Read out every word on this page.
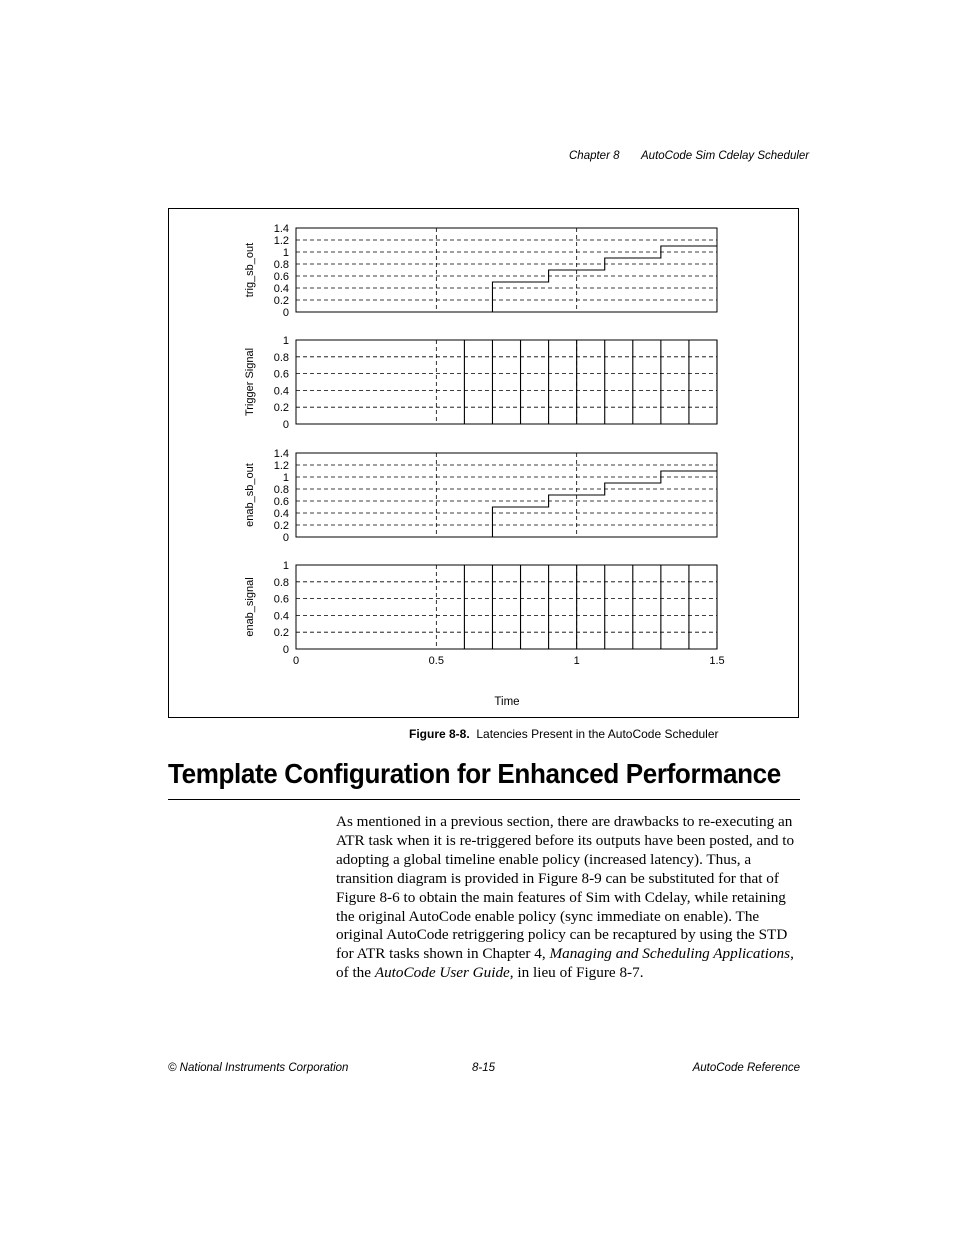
Chapter 8 AutoCode Sim Cdelay Scheduler
0
0.2
0.4
0.6
0.8
1
1.2
1.4
trig_sb_out
0
0.2
0.4
0.6
0.8
1
Trigger Signal
0
0.2
0.4
0.6
0.8
1
1.2
1.4
enab_sb_out
0
0.2
0.4
0.6
0.8
1
enab_signal
0	0.5	1	1.5
Time
Figure 8-8. Latencies Present in the AutoCode Scheduler
Template Configuration for Enhanced Performance

As mentioned in a previous section, there are drawbacks to re-executing an ATR task when it is re-triggered before its outputs have been posted, and to adopting a global timeline enable policy (increased latency). Thus, a transition diagram is provided in Figure 8-9 can be substituted for that of Figure 8-6 to obtain the main features of Sim with Cdelay, while retaining the original AutoCode enable policy (sync immediate on enable). The original AutoCode retriggering policy can be recaptured by using the STD for ATR tasks shown in Chapter 4, Managing and Scheduling Applications, of the AutoCode User Guide, in lieu of Figure 8-7.

© National Instruments Corporation	8-15	AutoCode Reference
